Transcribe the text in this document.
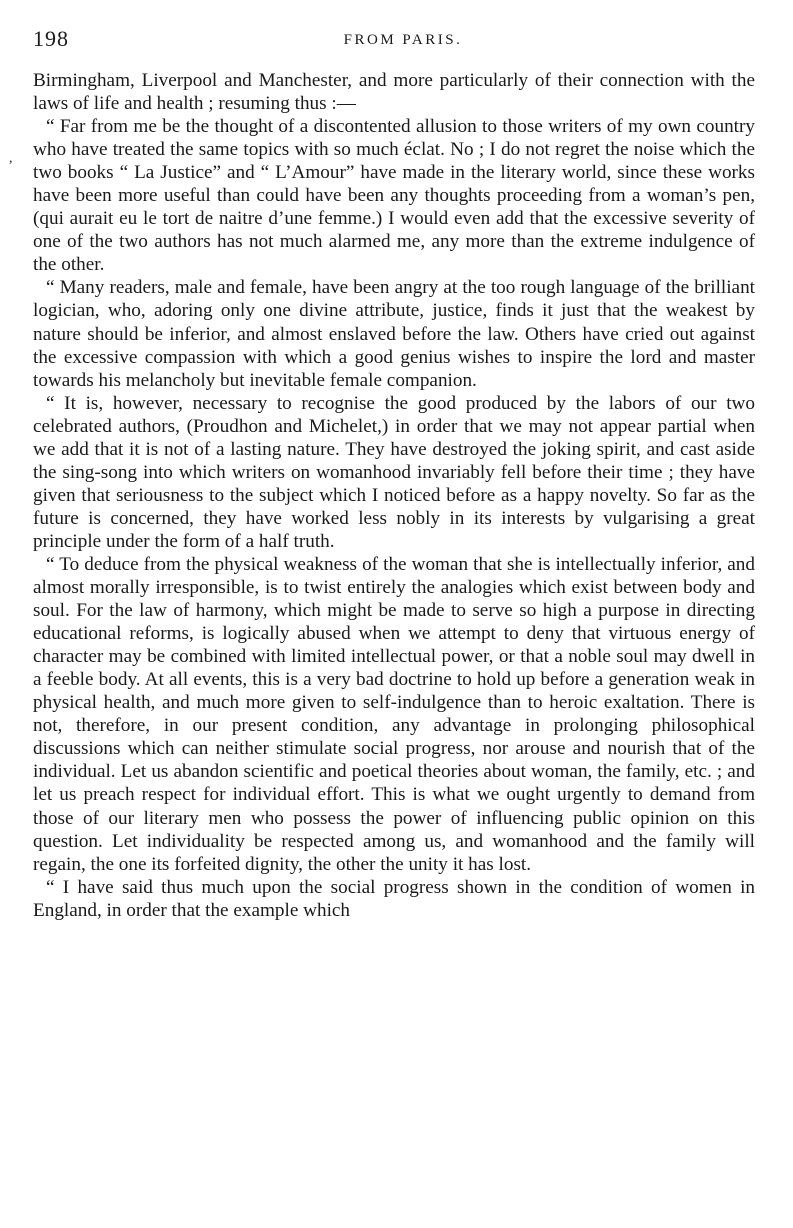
198	FROM PARIS.
,

Birmingham, Liverpool and Manchester, and more particularly of their connection with the laws of life and health ; resuming thus :—

“ Far from me be the thought of a discontented allusion to those writers of my own country who have treated the same topics with so much éclat. No ; I do not regret the noise which the two books “ La Justice” and “ L’Amour” have made in the literary world, since these works have been more useful than could have been any thoughts proceeding from a woman’s pen, (qui aurait eu le tort de naitre d’une femme.) I would even add that the excessive severity of one of the two authors has not much alarmed me, any more than the extreme indulgence of the other.

“ Many readers, male and female, have been angry at the too rough language of the brilliant logician, who, adoring only one divine attribute, justice, finds it just that the weakest by nature should be inferior, and almost enslaved before the law. Others have cried out against the excessive compassion with which a good genius wishes to inspire the lord and master towards his melancholy but inevitable female companion.

“ It is, however, necessary to recognise the good produced by the labors of our two celebrated authors, (Proudhon and Michelet,) in order that we may not appear partial when we add that it is not of a lasting nature. They have destroyed the joking spirit, and cast aside the sing-song into which writers on womanhood invariably fell before their time ; they have given that seriousness to the subject which I noticed before as a happy novelty. So far as the future is concerned, they have worked less nobly in its interests by vulgarising a great principle under the form of a half truth.

“ To deduce from the physical weakness of the woman that she is intellectually inferior, and almost morally irresponsible, is to twist entirely the analogies which exist between body and soul. For the law of harmony, which might be made to serve so high a purpose in directing educational reforms, is logically abused when we attempt to deny that virtuous energy of character may be combined with limited intellectual power, or that a noble soul may dwell in a feeble body. At all events, this is a very bad doctrine to hold up before a generation weak in physical health, and much more given to self-indulgence than to heroic exaltation. There is not, therefore, in our present condition, any advantage in prolonging philosophical discussions which can neither stimulate social progress, nor arouse and nourish that of the individual. Let us abandon scientific and poetical theories about woman, the family, etc. ; and let us preach respect for individual effort. This is what we ought urgently to demand from those of our literary men who possess the power of influencing public opinion on this question. Let individuality be respected among us, and womanhood and the family will regain, the one its forfeited dignity, the other the unity it has lost.

“ I have said thus much upon the social progress shown in the condition of women in England, in order that the example which
